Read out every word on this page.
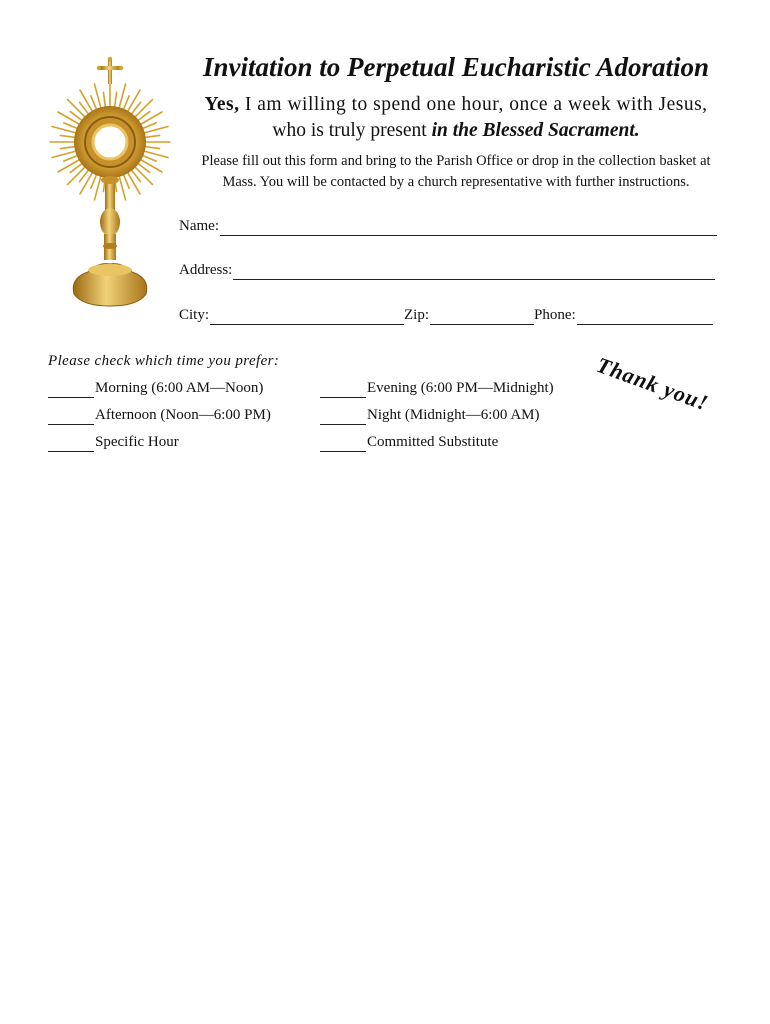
Invitation to Perpetual Eucharistic Adoration
Yes, I am willing to spend one hour, once a week with Jesus,
who is truly present in the Blessed Sacrament.
Please fill out this form and bring to the Parish Office or drop in the collection basket at Mass. You will be contacted by a church representative with further instructions.
Name:
Address:
City:	Zip:	Phone:
Please check which time you prefer:
Morning (6:00 AM—Noon)
Afternoon (Noon—6:00 PM)
Specific Hour
Evening (6:00 PM—Midnight)
Night (Midnight—6:00 AM)
Committed Substitute
Thank you!
